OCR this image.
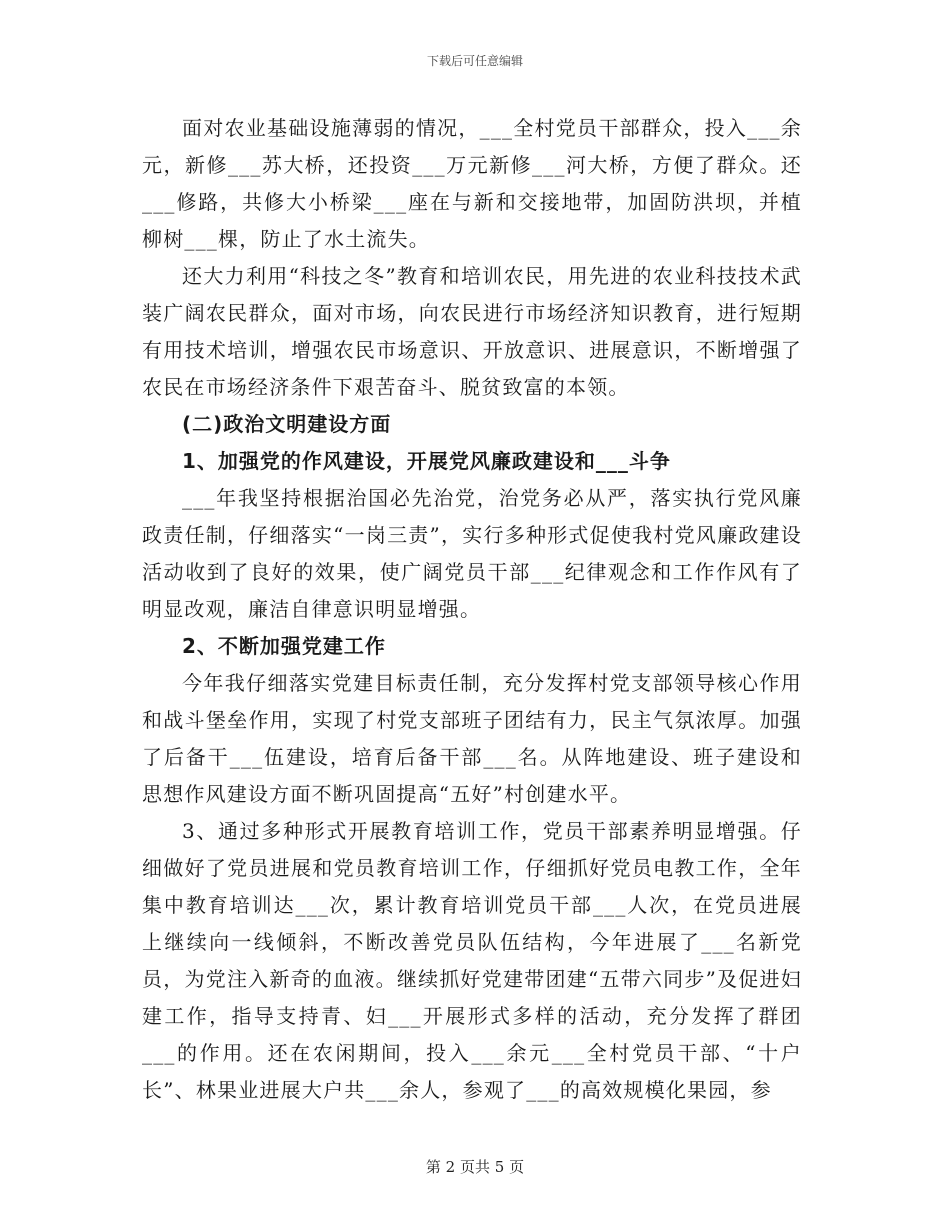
下载后可任意编辑

面对农业基础设施薄弱的情况，___全村党员干部群众，投入___余元，新修___苏大桥，还投资___万元新修___河大桥，方便了群众。还___修路，共修大小桥梁___座在与新和交接地带，加固防洪坝，并植柳树___棵，防止了水土流失。

还大力利用“科技之冬”教育和培训农民，用先进的农业科技技术武装广阔农民群众，面对市场，向农民进行市场经济知识教育，进行短期有用技术培训，增强农民市场意识、开放意识、进展意识，不断增强了农民在市场经济条件下艰苦奋斗、脱贫致富的本领。

(二)政治文明建设方面

1、加强党的作风建设，开展党风廉政建设和___斗争

___年我坚持根据治国必先治党，治党务必从严，落实执行党风廉政责任制，仔细落实“一岗三责”，实行多种形式促使我村党风廉政建设活动收到了良好的效果，使广阔党员干部___纪律观念和工作作风有了明显改观，廉洁自律意识明显增强。

2、不断加强党建工作

今年我仔细落实党建目标责任制，充分发挥村党支部领导核心作用和战斗堡垒作用，实现了村党支部班子团结有力，民主气氛浓厚。加强了后备干___伍建设，培育后备干部___名。从阵地建设、班子建设和思想作风建设方面不断巩固提高“五好”村创建水平。

3、通过多种形式开展教育培训工作，党员干部素养明显增强。仔细做好了党员进展和党员教育培训工作，仔细抓好党员电教工作，全年集中教育培训达___次，累计教育培训党员干部___人次，在党员进展上继续向一线倾斜，不断改善党员队伍结构，今年进展了___名新党员，为党注入新奇的血液。继续抓好党建带团建“五带六同步”及促进妇建工作，指导支持青、妇___开展形式多样的活动，充分发挥了群团___的作用。还在农闲期间，投入___余元___全村党员干部、“十户长”、林果业进展大户共___余人，参观了___的高效规模化果园，参

第 2 页共 5 页
